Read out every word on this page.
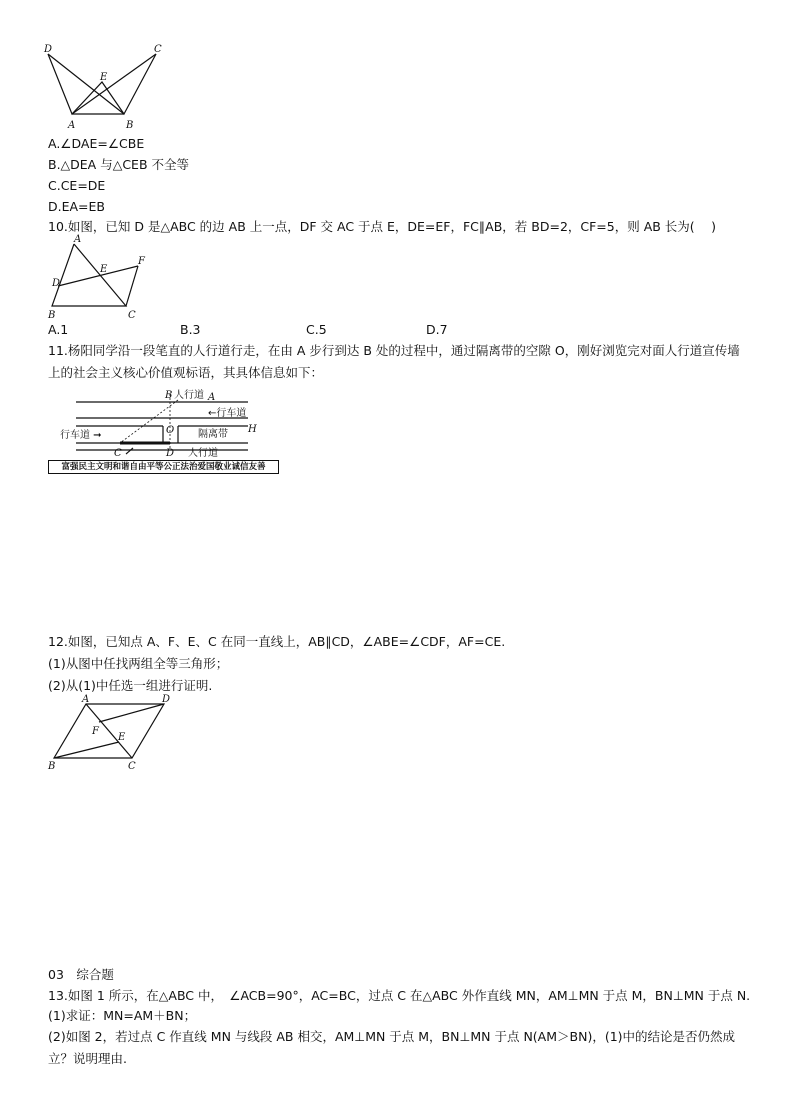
D	C
E
A	B
A.∠DAE=∠CBE
B.△DEA 与△CEB 不全等
C.CE=DE
D.EA=EB
10.如图，已知 D 是△ABC 的边 AB 上一点，DF 交 AC 于点 E，DE=EF，FC∥AB，若 BD=2，CF=5，则 AB 长为(　 )
A
E
F
D
B	C
A.1	B.3	C.5	D.7
11.杨阳同学沿一段笔直的人行道行走，在由 A 步行到达 B 处的过程中，通过隔离带的空隙 O，刚好浏览完对面人行道宣传墙上的社会主义核心价值观标语，其具体信息如下：
B 人行道 A
←行车道
O 隔离带 H
行车道 ➞
C	D 人行道
富强民主文明和谐自由平等公正法治爱国敬业诚信友善
12.如图，已知点 A、F、E、C 在同一直线上，AB∥CD，∠ABE=∠CDF，AF=CE.
(1)从图中任找两组全等三角形；
(2)从(1)中任选一组进行证明.
A	D
F
E
B	C
03　综合题
13.如图 1 所示，在△ABC 中，　∠ACB=90°，AC=BC，过点 C 在△ABC 外作直线 MN，AM⊥MN 于点 M，BN⊥MN 于点 N.
(1)求证：MN=AM＋BN；
(2)如图 2，若过点 C 作直线 MN 与线段 AB 相交，AM⊥MN 于点 M，BN⊥MN 于点 N(AM＞BN)，(1)中的结论是否仍然成立？说明理由.
